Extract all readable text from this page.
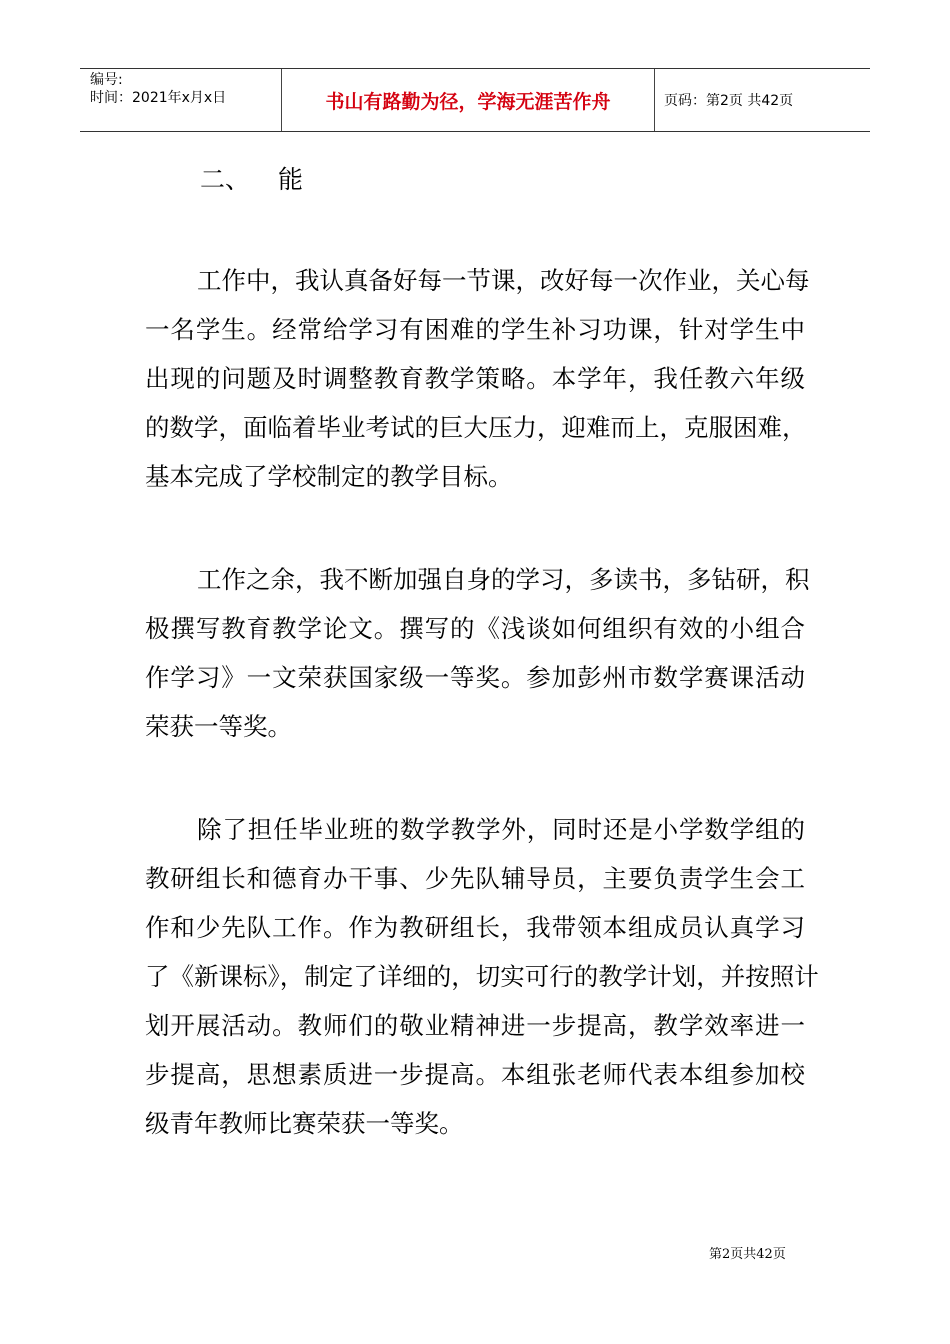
编号:
时间：2021年x月x日	书山有路勤为径，学海无涯苦作舟	页码：第2页 共42页
二、 能
工作中，我认真备好每一节课，改好每一次作业，关心每
一名学生。经常给学习有困难的学生补习功课，针对学生中
出现的问题及时调整教育教学策略。本学年，我任教六年级
的数学，面临着毕业考试的巨大压力，迎难而上，克服困难，
基本完成了学校制定的教学目标。
工作之余，我不断加强自身的学习，多读书，多钻研，积
极撰写教育教学论文。撰写的《浅谈如何组织有效的小组合
作学习》一文荣获国家级一等奖。参加彭州市数学赛课活动
荣获一等奖。
除了担任毕业班的数学教学外，同时还是小学数学组的
教研组长和德育办干事、少先队辅导员，主要负责学生会工
作和少先队工作。作为教研组长，我带领本组成员认真学习
了《新课标》，制定了详细的，切实可行的教学计划，并按照计
划开展活动。教师们的敬业精神进一步提高，教学效率进一
步提高，思想素质进一步提高。本组张老师代表本组参加校
级青年教师比赛荣获一等奖。
第2页共42页
